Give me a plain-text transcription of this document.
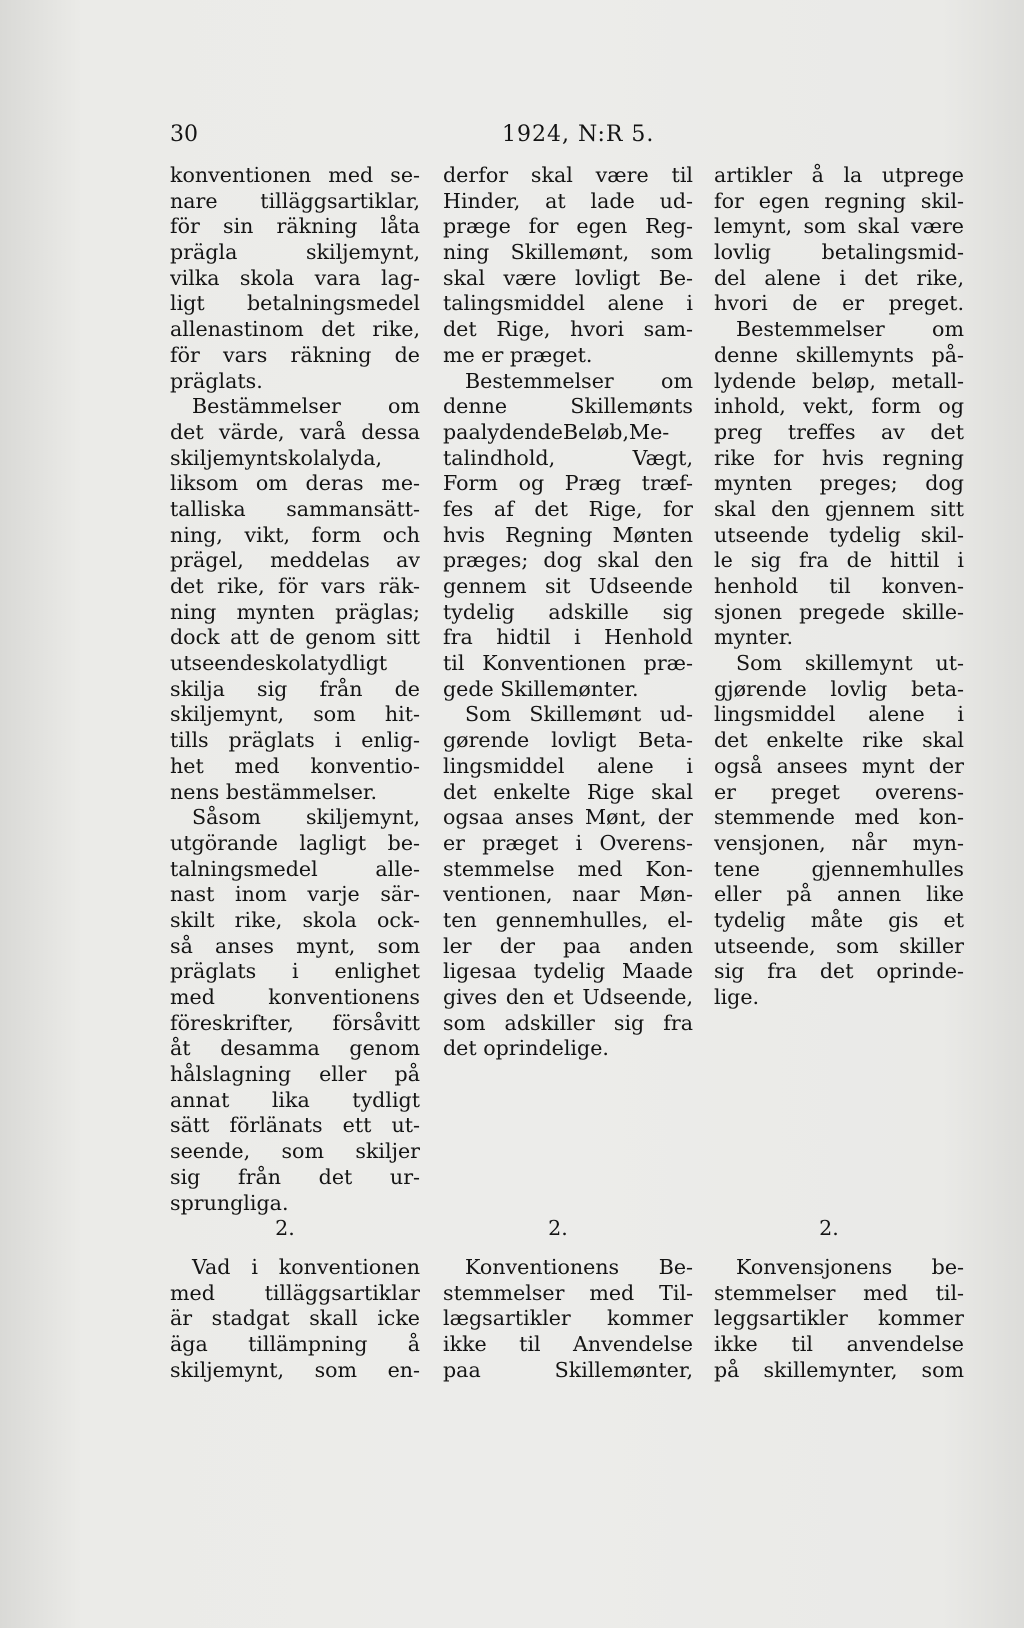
30	1924, N:R 5.
konventionen med se-
nare tilläggsartiklar,
för sin räkning låta
prägla skiljemynt,
vilka skola vara lag-
ligt betalningsmedel
allenastinom det rike,
för vars räkning de
präglats.
Bestämmelser om
det värde, varå dessa
skiljemyntskolalyda,
liksom om deras me-
talliska sammansätt-
ning, vikt, form och
prägel, meddelas av
det rike, för vars räk-
ning mynten präglas;
dock att de genom sitt
utseendeskolatydligt
skilja sig från de
skiljemynt, som hit-
tills präglats i enlig-
het med konventio-
nens bestämmelser.
Såsom skiljemynt,
utgörande lagligt be-
talningsmedel alle-
nast inom varje sär-
skilt rike, skola ock-
så anses mynt, som
präglats i enlighet
med konventionens
föreskrifter, försåvitt
åt desamma genom
hålslagning eller på
annat lika tydligt
sätt förlänats ett ut-
seende, som skiljer
sig från det ur-
sprungliga.
2.
Vad i konventionen
med tilläggsartiklar
är stadgat skall icke
äga tillämpning å
skiljemynt, som en-
derfor skal være til
Hinder, at lade ud-
præge for egen Reg-
ning Skillemønt, som
skal være lovligt Be-
talingsmiddel alene i
det Rige, hvori sam-
me er præget.
Bestemmelser om
denne Skillemønts
paalydendeBeløb,Me-
talindhold, Vægt,
Form og Præg træf-
fes af det Rige, for
hvis Regning Mønten
præges; dog skal den
gennem sit Udseende
tydelig adskille sig
fra hidtil i Henhold
til Konventionen præ-
gede Skillemønter.
Som Skillemønt ud-
gørende lovligt Beta-
lingsmiddel alene i
det enkelte Rige skal
ogsaa anses Mønt, der
er præget i Overens-
stemmelse med Kon-
ventionen, naar Møn-
ten gennemhulles, el-
ler der paa anden
ligesaa tydelig Maade
gives den et Udseende,
som adskiller sig fra
det oprindelige.
2.
Konventionens Be-
stemmelser med Til-
lægsartikler kommer
ikke til Anvendelse
paa Skillemønter,
artikler å la utprege
for egen regning skil-
lemynt, som skal være
lovlig betalingsmid-
del alene i det rike,
hvori de er preget.
Bestemmelser om
denne skillemynts på-
lydende beløp, metall-
inhold, vekt, form og
preg treffes av det
rike for hvis regning
mynten preges; dog
skal den gjennem sitt
utseende tydelig skil-
le sig fra de hittil i
henhold til konven-
sjonen pregede skille-
mynter.
Som skillemynt ut-
gjørende lovlig beta-
lingsmiddel alene i
det enkelte rike skal
også ansees mynt der
er preget overens-
stemmende med kon-
vensjonen, når myn-
tene gjennemhulles
eller på annen like
tydelig måte gis et
utseende, som skiller
sig fra det oprinde-
lige.
2.
Konvensjonens be-
stemmelser med til-
leggsartikler kommer
ikke til anvendelse
på skillemynter, som
